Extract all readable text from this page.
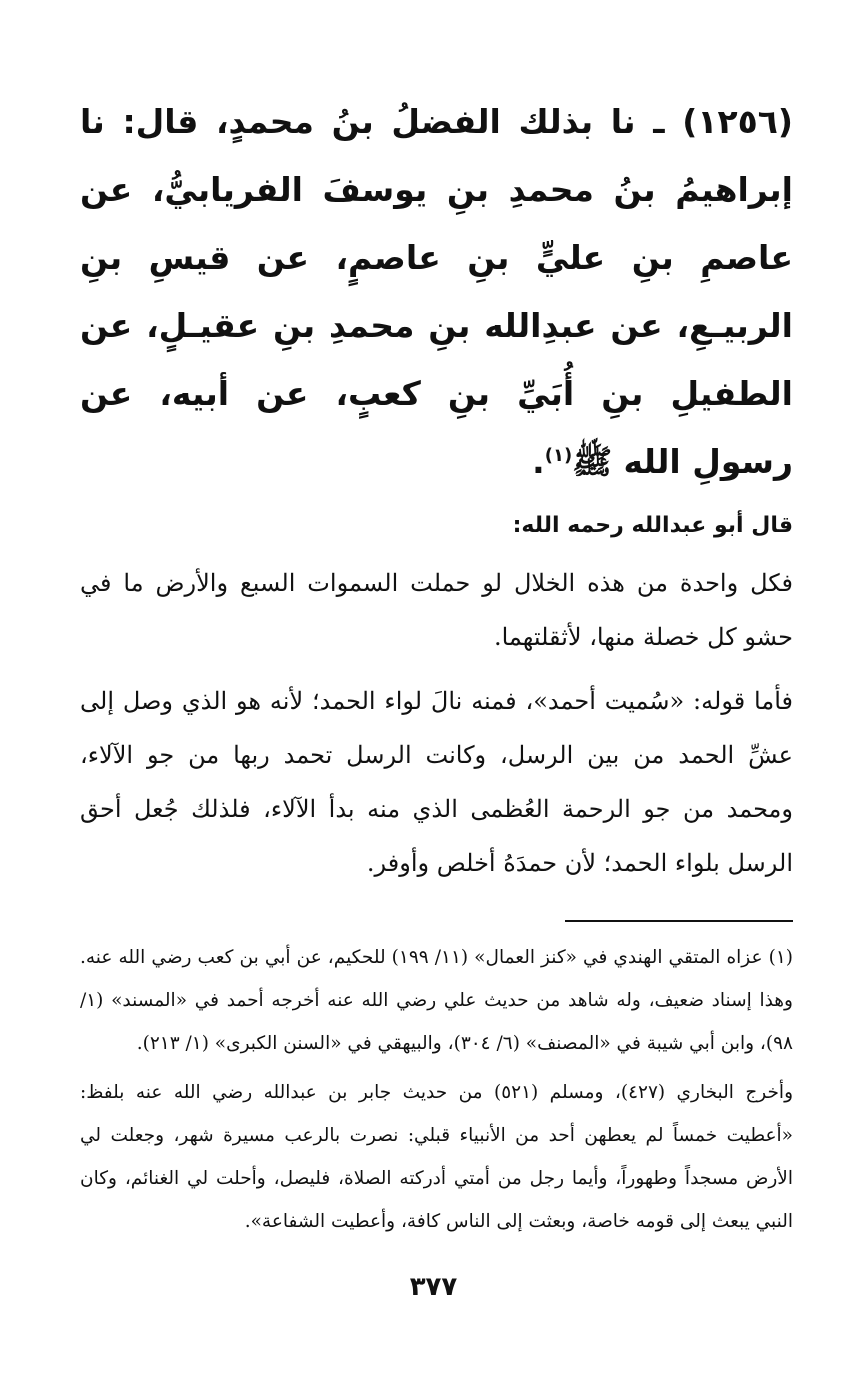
(١٢٥٦) ـ نا بذلك الفضلُ بنُ محمدٍ، قال: نا إبراهيمُ بنُ محمدِ بنِ يوسفَ الفريابيُّ، عن عاصمِ بنِ عليٍّ بنِ عاصمٍ، عن قيسِ بنِ الربيـعِ، عن عبدِالله بنِ محمدِ بنِ عقيـلٍ، عن الطفيلِ بنِ أُبَيِّ بنِ كعبٍ، عن أبيه، عن رسولِ الله ﷺ$^{(١)}$.

قال أبو عبدالله رحمه الله:

فكل واحدة من هذه الخلال لو حملت السموات السبع والأرض ما في حشو كل خصلة منها، لأثقلتهما.

فأما قوله: «سُميت أحمد»، فمنه نالَ لواء الحمد؛ لأنه هو الذي وصل إلى عشِّ الحمد من بين الرسل، وكانت الرسل تحمد ربها من جو الآلاء، ومحمد من جو الرحمة العُظمى الذي منه بدأ الآلاء، فلذلك جُعل أحق الرسل بلواء الحمد؛ لأن حمدَهُ أخلص وأوفر.

(١) عزاه المتقي الهندي في «كنز العمال» (١١/ ١٩٩) للحكيم، عن أبي بن كعب رضي الله عنه. وهذا إسناد ضعيف، وله شاهد من حديث علي رضي الله عنه أخرجه أحمد في «المسند» (١/ ٩٨)، وابن أبي شيبة في «المصنف» (٦/ ٣٠٤)، والبيهقي في «السنن الكبرى» (١/ ٢١٣).

وأخرج البخاري (٤٢٧)، ومسلم (٥٢١) من حديث جابر بن عبدالله رضي الله عنه بلفظ: «أعطيت خمساً لم يعطهن أحد من الأنبياء قبلي: نصرت بالرعب مسيرة شهر، وجعلت لي الأرض مسجداً وطهوراً، وأيما رجل من أمتي أدركته الصلاة، فليصل، وأحلت لي الغنائم، وكان النبي يبعث إلى قومه خاصة، وبعثت إلى الناس كافة، وأعطيت الشفاعة».

٣٧٧
